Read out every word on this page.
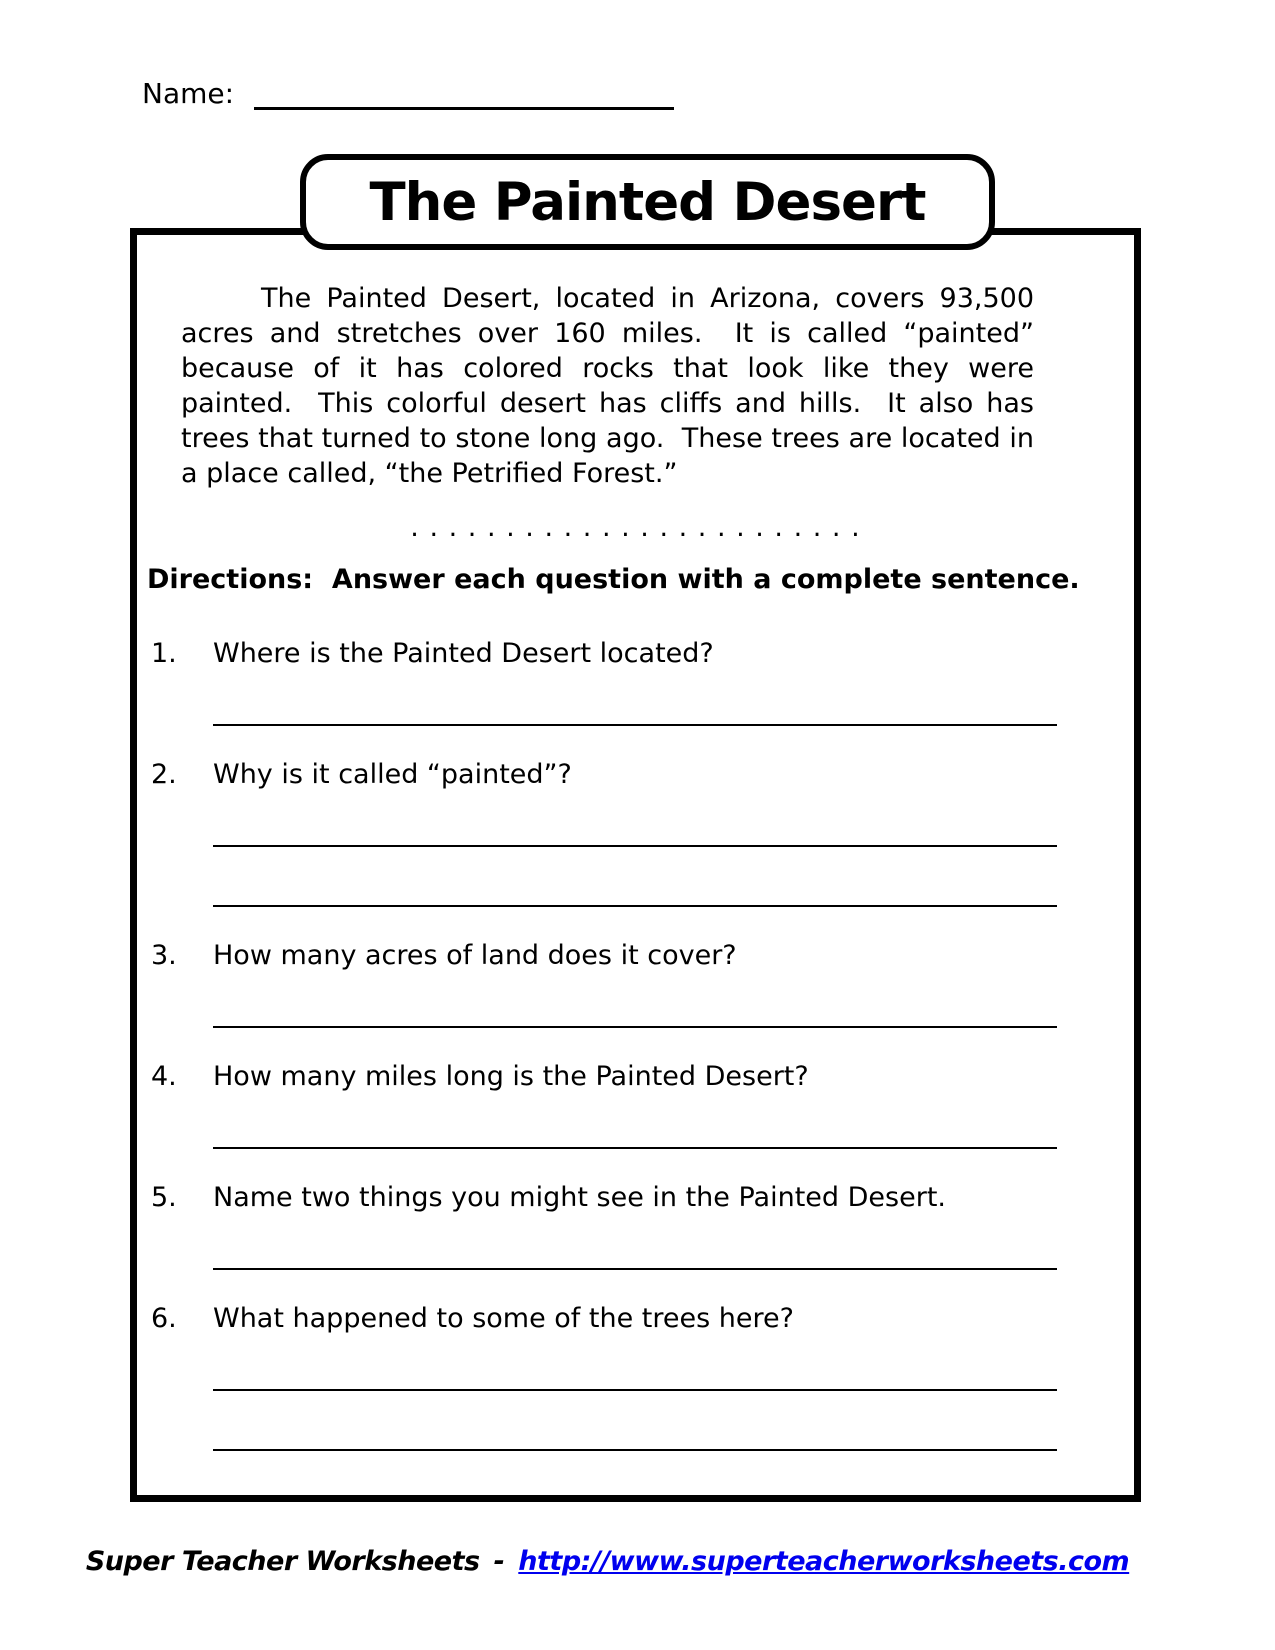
Name:
The Painted Desert
The Painted Desert, located in Arizona, covers 93,500 acres and stretches over 160 miles.  It is called “painted” because of it has colored rocks that look like they were painted.  This colorful desert has cliffs and hills.  It also has trees that turned to stone long ago.  These trees are located in a place called, “the Petrified Forest.”
. . . . . . . . . . . . . . . . . . . . . . . .
Directions: Answer each question with a complete sentence.
1.	Where is the Painted Desert located?
2.	Why is it called “painted”?
3.	How many acres of land does it cover?
4.	How many miles long is the Painted Desert?
5.	Name two things you might see in the Painted Desert.
6.	What happened to some of the trees here?
Super Teacher Worksheets - http://www.superteacherworksheets.com
